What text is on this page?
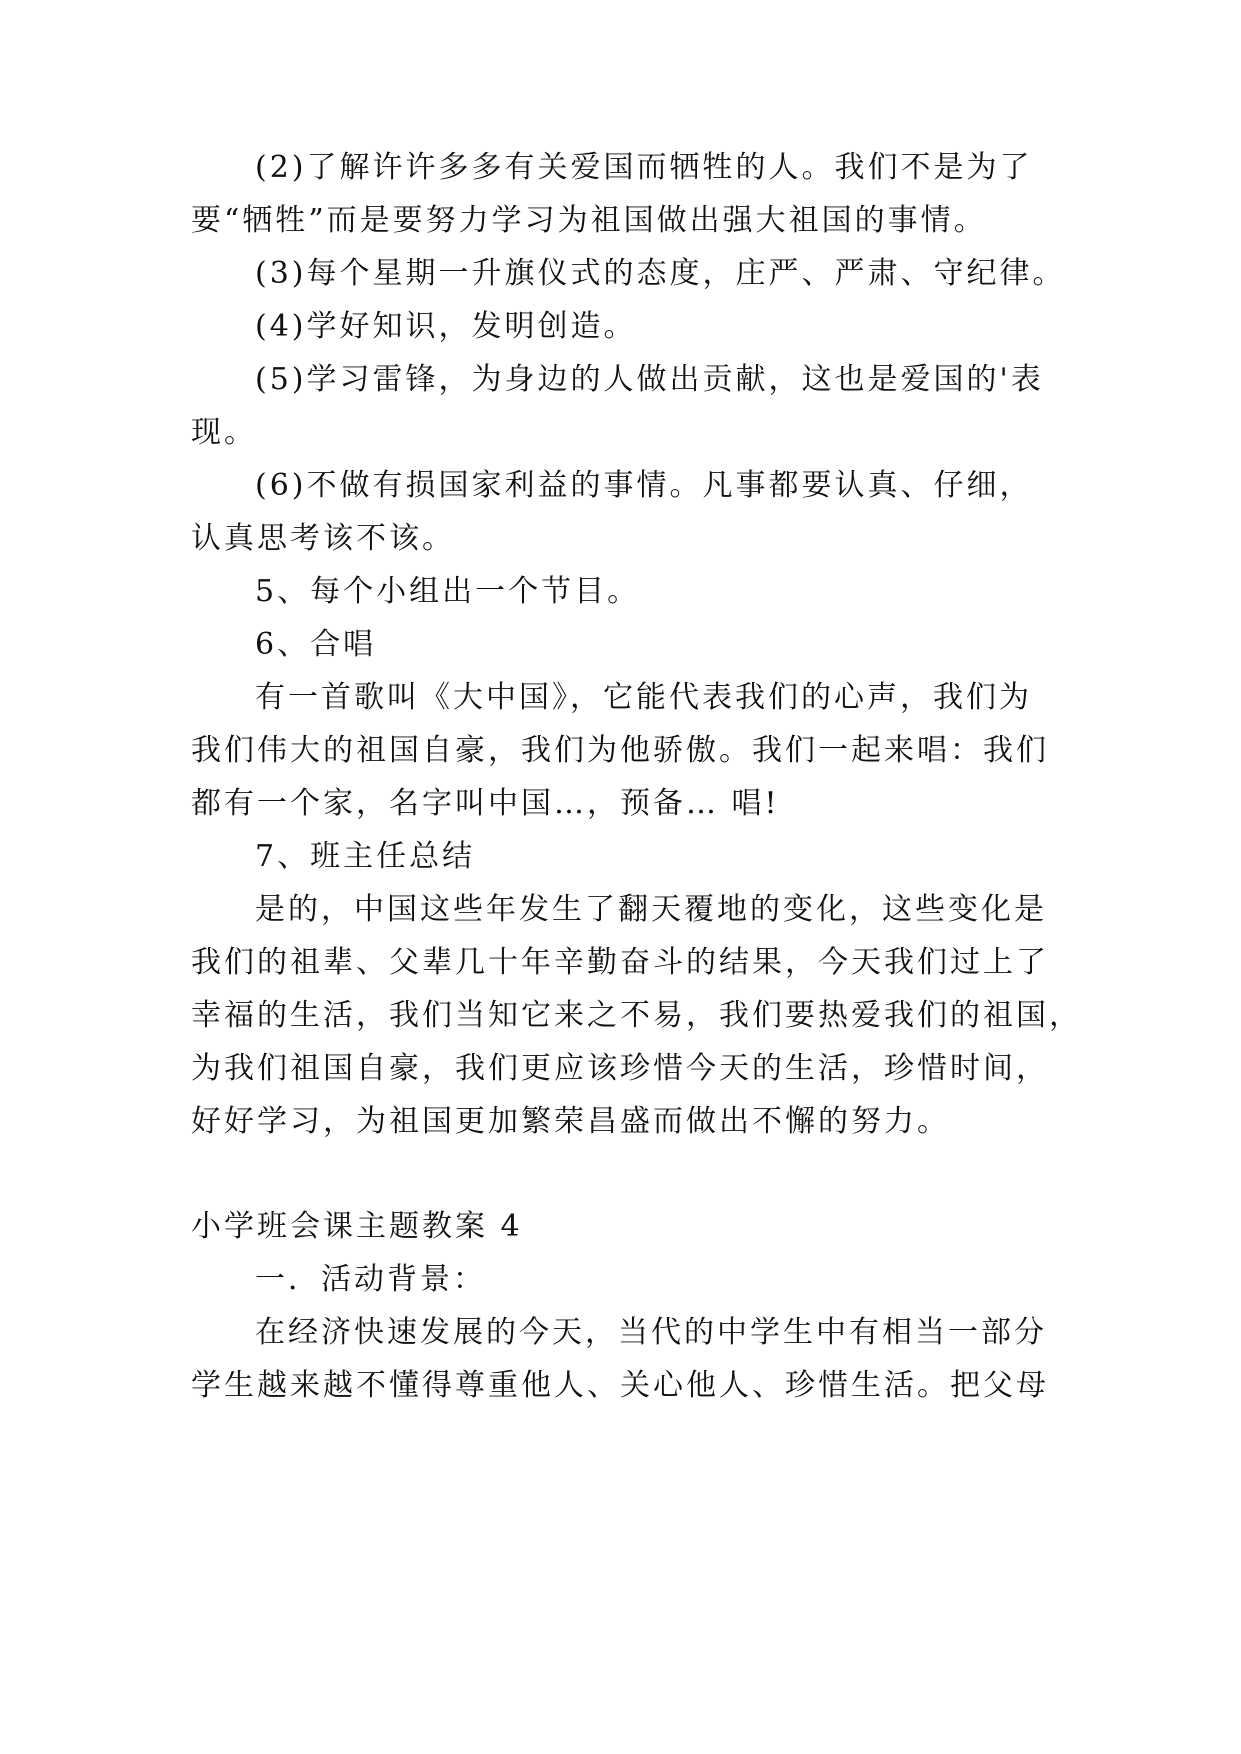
(2)了解许许多多有关爱国而牺牲的人。我们不是为了
要“牺牲”而是要努力学习为祖国做出强大祖国的事情。
(3)每个星期一升旗仪式的态度，庄严、严肃、守纪律。
(4)学好知识，发明创造。
(5)学习雷锋，为身边的人做出贡献，这也是爱国的'表
现。
(6)不做有损国家利益的事情。凡事都要认真、仔细，
认真思考该不该。
5、每个小组出一个节目。
6、合唱
有一首歌叫《大中国》，它能代表我们的心声，我们为
我们伟大的祖国自豪，我们为他骄傲。我们一起来唱：我们
都有一个家，名字叫中国…，预备… 唱!
7、班主任总结
是的，中国这些年发生了翻天覆地的变化，这些变化是
我们的祖辈、父辈几十年辛勤奋斗的结果，今天我们过上了
幸福的生活，我们当知它来之不易，我们要热爱我们的祖国，
为我们祖国自豪，我们更应该珍惜今天的生活，珍惜时间，
好好学习，为祖国更加繁荣昌盛而做出不懈的努力。
小学班会课主题教案 4
一．活动背景：
在经济快速发展的今天，当代的中学生中有相当一部分
学生越来越不懂得尊重他人、关心他人、珍惜生活。把父母
